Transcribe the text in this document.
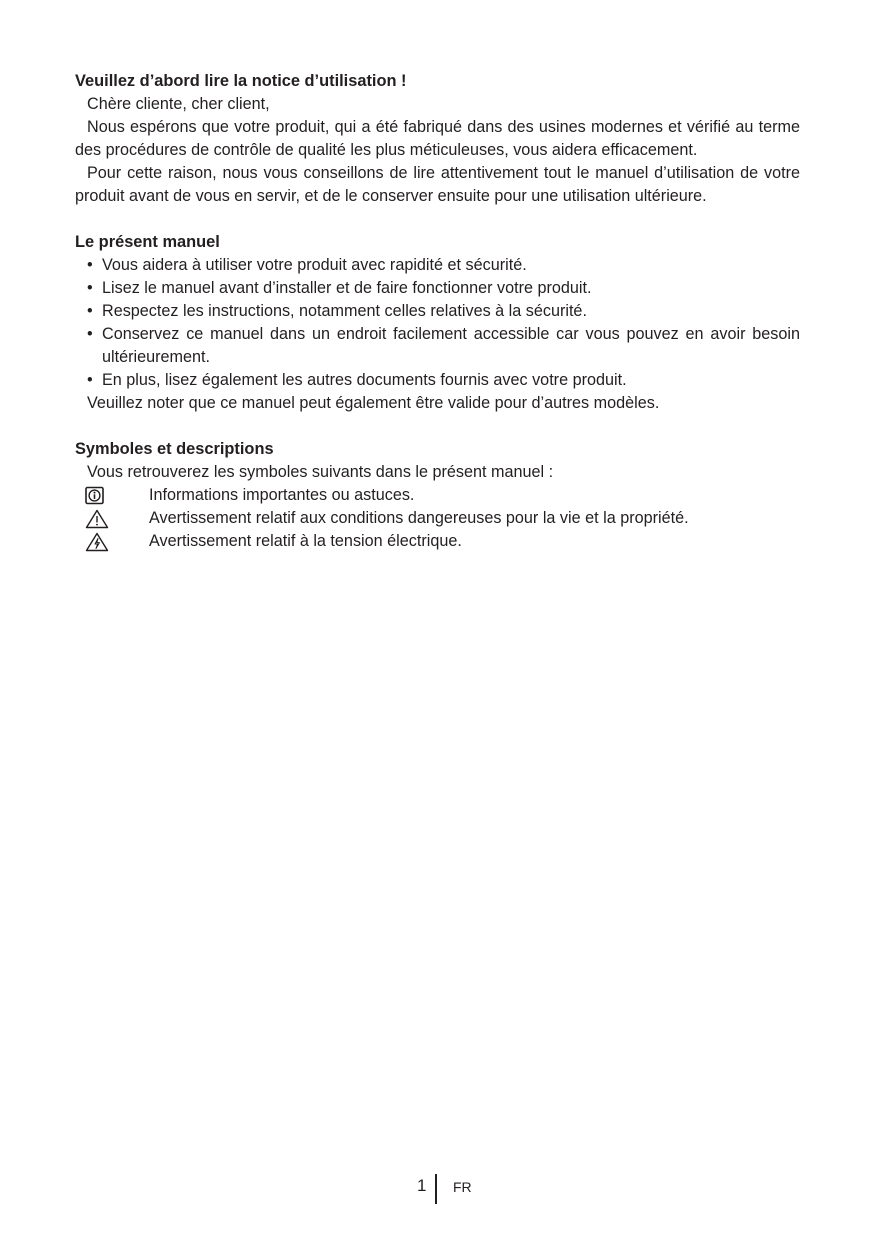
Veuillez d’abord lire la notice d’utilisation !

Chère cliente, cher client,

Nous espérons que votre produit, qui a été fabriqué dans des usines modernes et vérifié au terme des procédures de contrôle de qualité les plus méticuleuses, vous aidera efficacement.

Pour cette raison, nous vous conseillons de lire attentivement tout le manuel d’utilisation de votre produit avant de vous en servir, et de le conserver ensuite pour une utilisation ultérieure.

Le présent manuel
• Vous aidera à utiliser votre produit avec rapidité et sécurité.
• Lisez le manuel avant d’installer et de faire fonctionner votre produit.
• Respectez les instructions, notamment celles relatives à la sécurité.
• Conservez ce manuel dans un endroit facilement accessible car vous pouvez en avoir besoin ultérieurement.
• En plus, lisez également les autres documents fournis avec votre produit.
Veuillez noter que ce manuel peut également être valide pour d’autres modèles.
Symboles et descriptions
Vous retrouverez les symboles suivants dans le présent manuel :
Informations importantes ou astuces.
Avertissement relatif aux conditions dangereuses pour la vie et la propriété.
Avertissement relatif à la tension électrique.
1 FR
